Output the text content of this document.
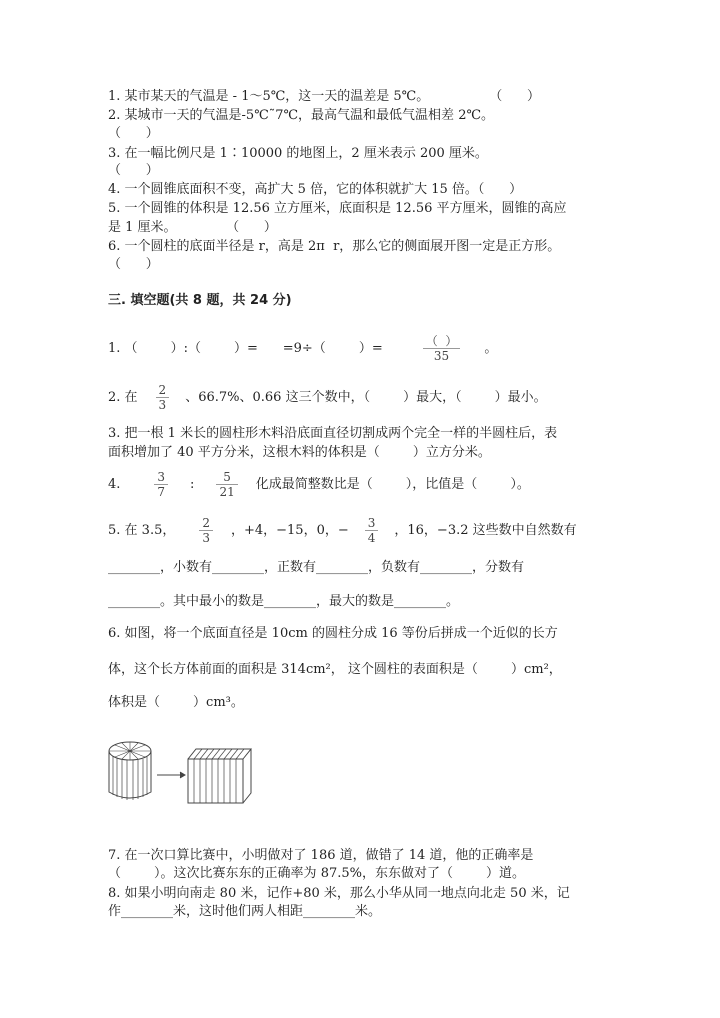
1. 某市某天的气温是 - 1～5℃，这一天的温差是 5℃。	（      ）
2. 某城市一天的气温是-5℃˜7℃，最高气温和最低气温相差 2℃。
（      ）
3. 在一幅比例尺是 1∶10000 的地图上，2 厘米表示 200 厘米。
（      ）
4. 一个圆锥底面积不变，高扩大 5 倍，它的体积就扩大 15 倍。（      ）
5. 一个圆锥的体积是 12.56 立方厘米，底面积是 12.56 平方厘米，圆锥的高应
是 1 厘米。            （      ）
6. 一个圆柱的底面半径是 r，高是 2π  r，那么它的侧面展开图一定是正方形。
（      ）
三. 填空题(共 8 题，共 24 分)
1. （        ）:（        ）=      =9÷（        ）=	$\frac{( )}{35}$ 。
2. 在 $\frac{2}{3}$ 、66.7%、0.66 这三个数中，（        ）最大，（        ）最小。
3. 把一根 1 米长的圆柱形木料沿底面直径切割成两个完全一样的半圆柱后，表
面积增加了 40 平方分米，这根木料的体积是（        ）立方分米。
4.	$\frac{3}{7}$ : $\frac{5}{21}$ 化成最简整数比是（        ），比值是（        ）。
5. 在 3.5， $\frac{2}{3}$ ，+4，−15，0，− $\frac{3}{4}$ ，16，−3.2 这些数中自然数有
________，小数有________，正数有________，负数有________，分数有
________。其中最小的数是________，最大的数是________。
6. 如图，将一个底面直径是 10cm 的圆柱分成 16 等份后拼成一个近似的长方
体，这个长方体前面的面积是 314cm²， 这个圆柱的表面积是（        ）cm²，
体积是（        ）cm³。
7. 在一次口算比赛中，小明做对了 186 道，做错了 14 道，他的正确率是
（        ）。这次比赛东东的正确率为 87.5%，东东做对了（        ）道。
8. 如果小明向南走 80 米，记作+80 米，那么小华从同一地点向北走 50 米，记
作________米，这时他们两人相距________米。
